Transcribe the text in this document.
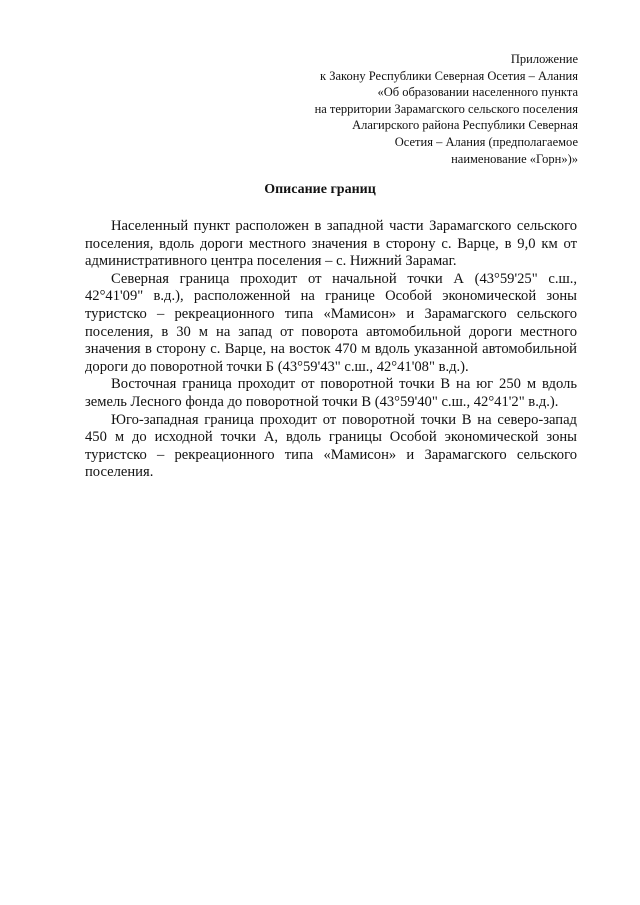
Приложение
к Закону Республики Северная Осетия – Алания
«Об образовании населенного пункта
на территории Зарамагского сельского поселения
Алагирского района Республики Северная
Осетия – Алания (предполагаемое
наименование «Горн»)»
Описание границ

Населенный пункт расположен в западной части Зарамагского сельского поселения, вдоль дороги местного значения в сторону с. Варце, в 9,0 км от административного центра поселения – с. Нижний Зарамаг.

Северная граница проходит от начальной точки А (43°59'25" с.ш., 42°41'09" в.д.), расположенной на границе Особой экономической зоны туристско – рекреационного типа «Мамисон» и Зарамагского сельского поселения, в 30 м на запад от поворота автомобильной дороги местного значения в сторону с. Варце, на восток 470 м вдоль указанной автомобильной дороги до поворотной точки Б (43°59'43" с.ш., 42°41'08" в.д.).

Восточная граница проходит от поворотной точки В на юг 250 м вдоль земель Лесного фонда до поворотной точки В (43°59'40" с.ш., 42°41'2" в.д.).

Юго-западная граница проходит от поворотной точки В на северо-запад 450 м до исходной точки А, вдоль границы Особой экономической зоны туристско – рекреационного типа «Мамисон» и Зарамагского сельского поселения.
